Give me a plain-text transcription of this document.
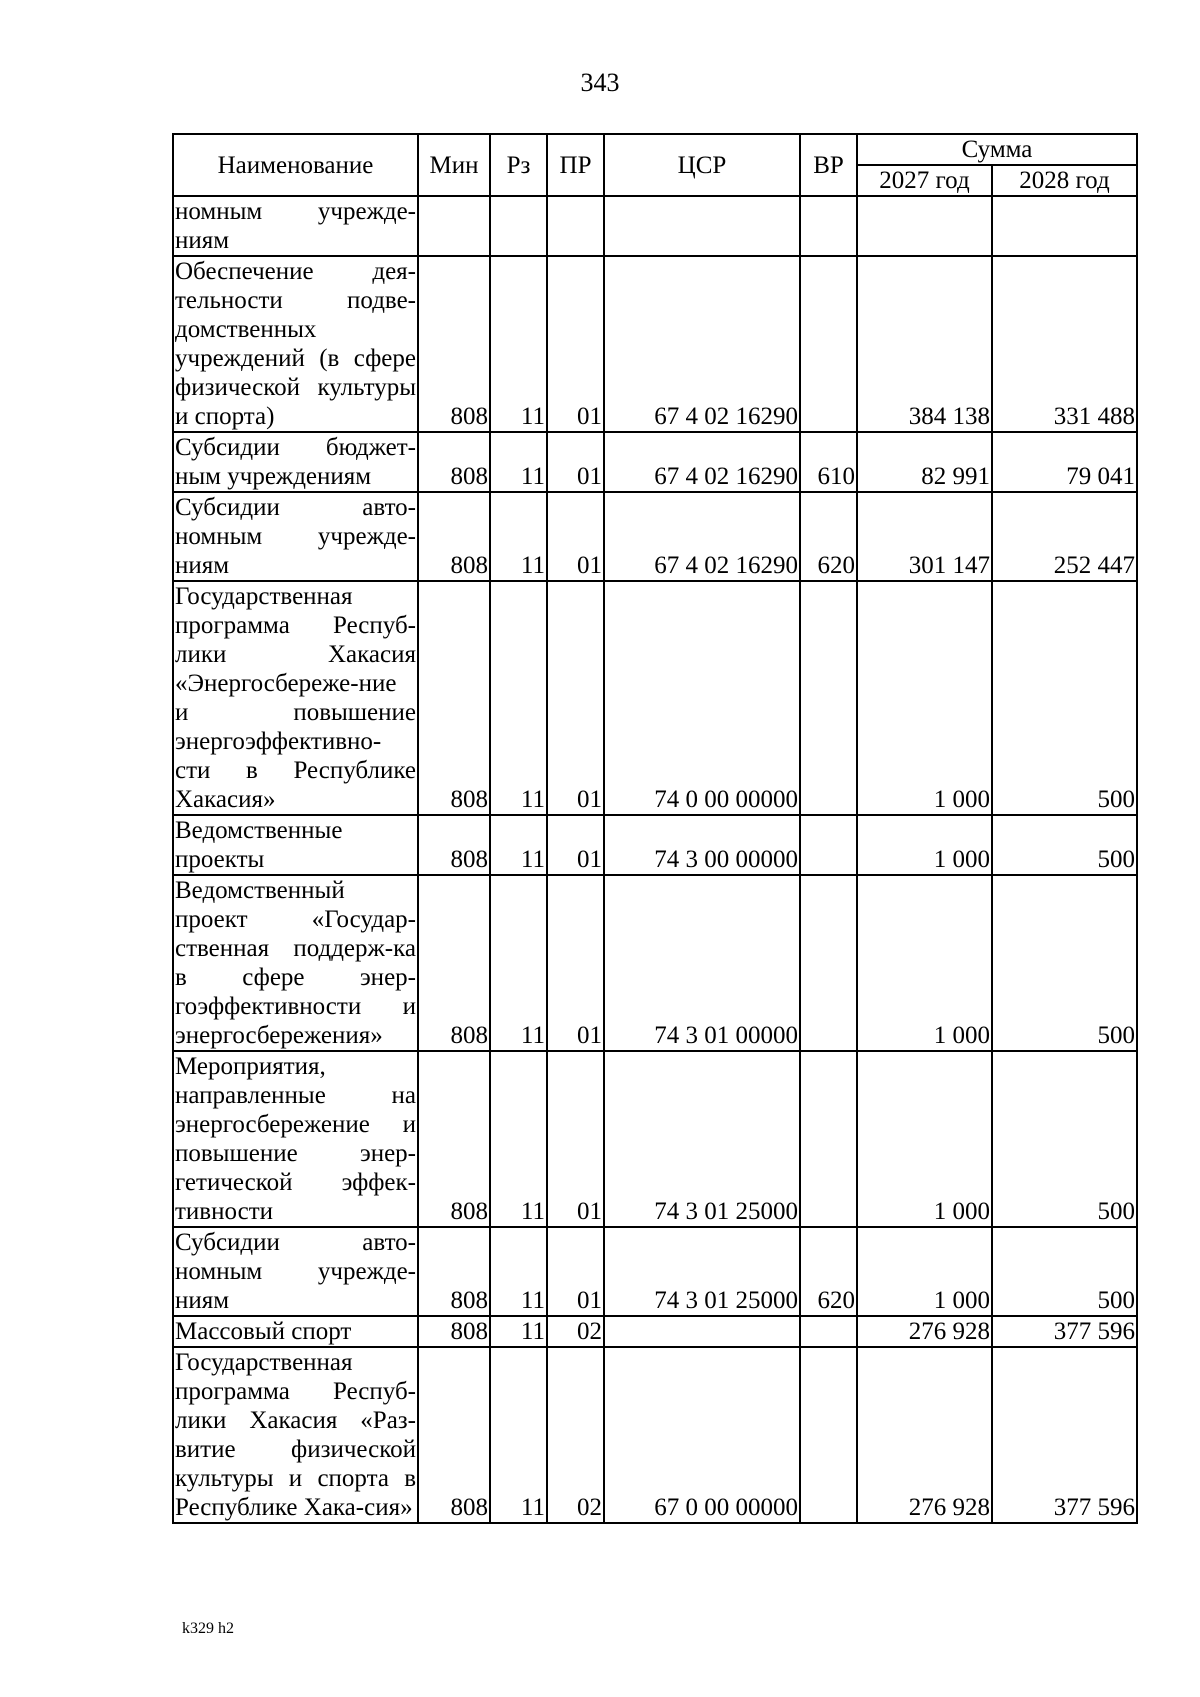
343
Наименование	Мин	Рз	ПР	ЦСР	ВР	Сумма	
						2027 год	2028 год
номным учрежде-ниям							
Обеспечение дея-тельности подве-домственных учреждений (в сфере физической культуры и спорта)	808	11	01	67 4 02 16290		384 138	331 488
Субсидии бюджет-ным учреждениям	808	11	01	67 4 02 16290	610	82 991	79 041
Субсидии авто-номным учрежде-ниям	808	11	01	67 4 02 16290	620	301 147	252 447
Государственная программа Респуб-лики Хакасия «Энергосбереже-ние и повышение энергоэффективно-сти в Республике Хакасия»	808	11	01	74 0 00 00000		1 000	500
Ведомственные проекты	808	11	01	74 3 00 00000		1 000	500
Ведомственный проект «Государ-ственная поддерж-ка в сфере энер-гоэффективности и энергосбережения»	808	11	01	74 3 01 00000		1 000	500
Мероприятия, направленные на энергосбережение и повышение энер-гетической эффек-тивности	808	11	01	74 3 01 25000		1 000	500
Субсидии авто-номным учрежде-ниям	808	11	01	74 3 01 25000	620	1 000	500
Массовый спорт	808	11	02			276 928	377 596
Государственная программа Респуб-лики Хакасия «Раз-витие физической культуры и спорта в Республике Хака-сия»	808	11	02	67 0 00 00000		276 928	377 596
k329 h2
